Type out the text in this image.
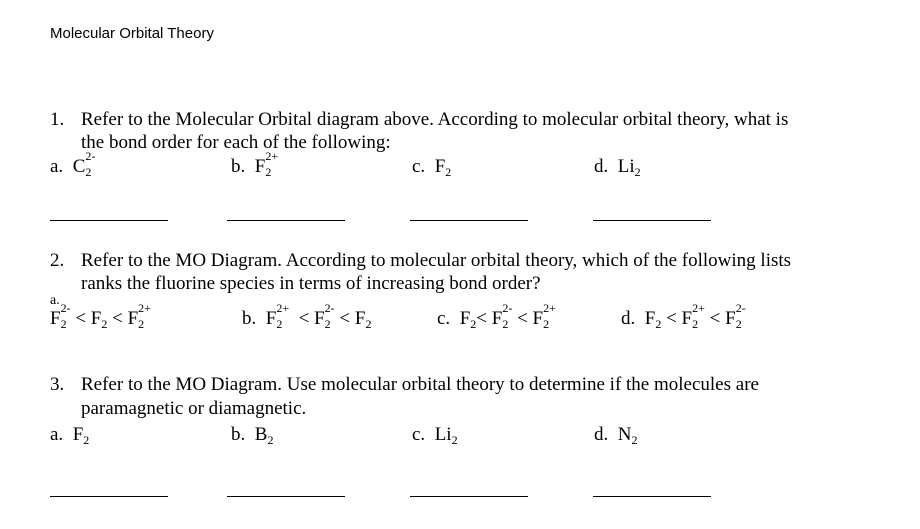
Molecular Orbital Theory
1. Refer to the Molecular Orbital diagram above. According to molecular orbital theory, what is
the bond order for each of the following:
a. C 2-
2	b. F 2+
2	c. F 2	d. Li 2
2. Refer to the MO Diagram. According to molecular orbital theory, which of the following lists
ranks the fluorine species in terms of increasing bond order?
a.
F 2-
2 < F 2 < F 2+
2	b. F 2+
2 < F 2-
2 < F 2	c. F 2 < F 2-
2 < F 2+
2	d. F 2 < F 2+
2 < F 2-
2
3. Refer to the MO Diagram. Use molecular orbital theory to determine if the molecules are
paramagnetic or diamagnetic.
a. F 2	b. B 2	c. Li 2	d. N 2
